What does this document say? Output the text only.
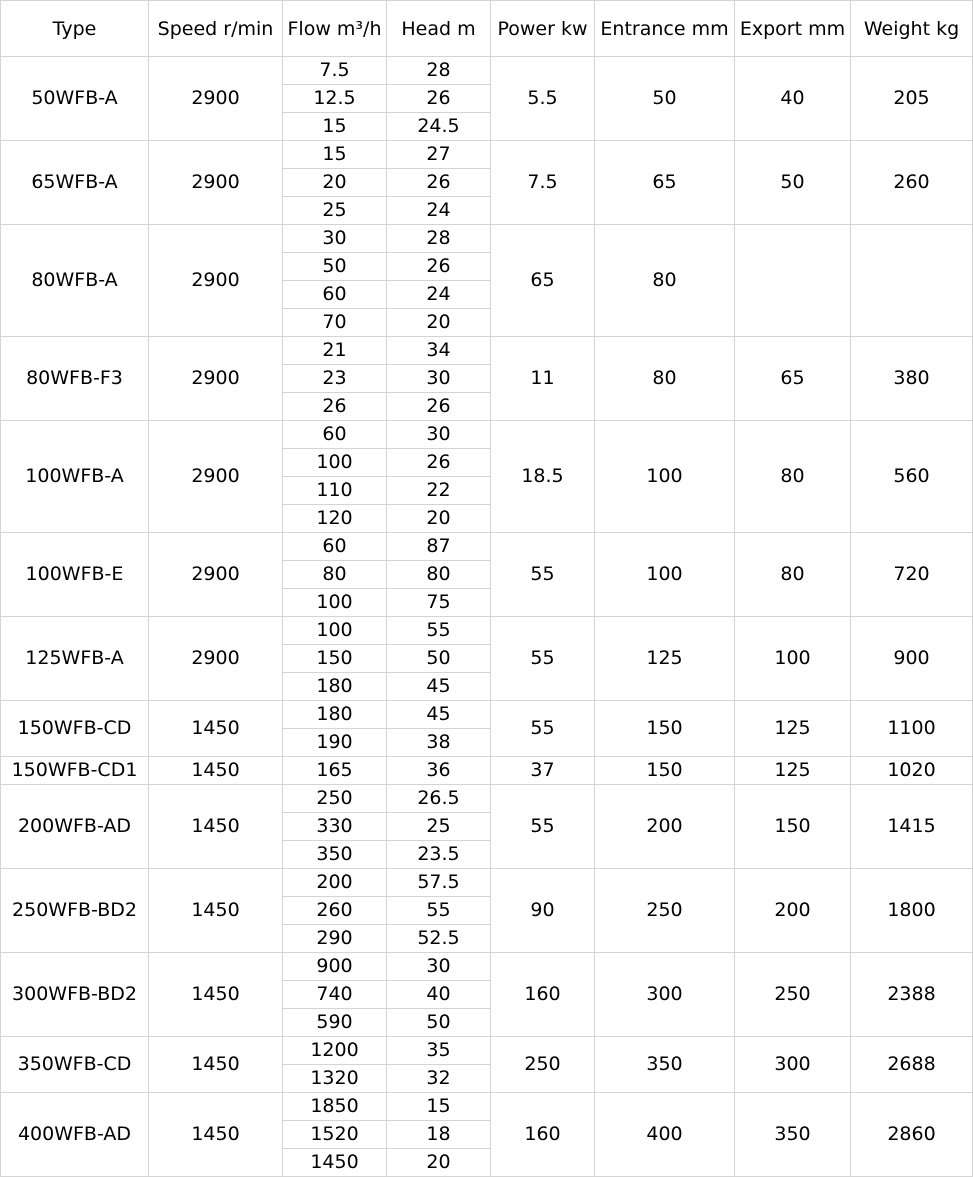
Type	Speed r/min	Flow m³/h	Head m	Power kw	Entrance mm	Export mm	Weight kg
50WFB-A	2900	7.5	28	5.5	50	40	205
		12.5	26				
		15	24.5				
65WFB-A	2900	15	27	7.5	65	50	260
		20	26				
		25	24				
80WFB-A	2900	30	28	65	80		
		50	26				
		60	24				
		70	20				
80WFB-F3	2900	21	34	11	80	65	380
		23	30				
		26	26				
100WFB-A	2900	60	30	18.5	100	80	560
		100	26				
		110	22				
		120	20				
100WFB-E	2900	60	87	55	100	80	720
		80	80				
		100	75				
125WFB-A	2900	100	55	55	125	100	900
		150	50				
		180	45				
150WFB-CD	1450	180	45	55	150	125	1100
		190	38				
150WFB-CD1	1450	165	36	37	150	125	1020
200WFB-AD	1450	250	26.5	55	200	150	1415
		330	25				
		350	23.5				
250WFB-BD2	1450	200	57.5	90	250	200	1800
		260	55				
		290	52.5				
300WFB-BD2	1450	900	30	160	300	250	2388
		740	40				
		590	50				
350WFB-CD	1450	1200	35	250	350	300	2688
		1320	32				
400WFB-AD	1450	1850	15	160	400	350	2860
		1520	18				
		1450	20				
